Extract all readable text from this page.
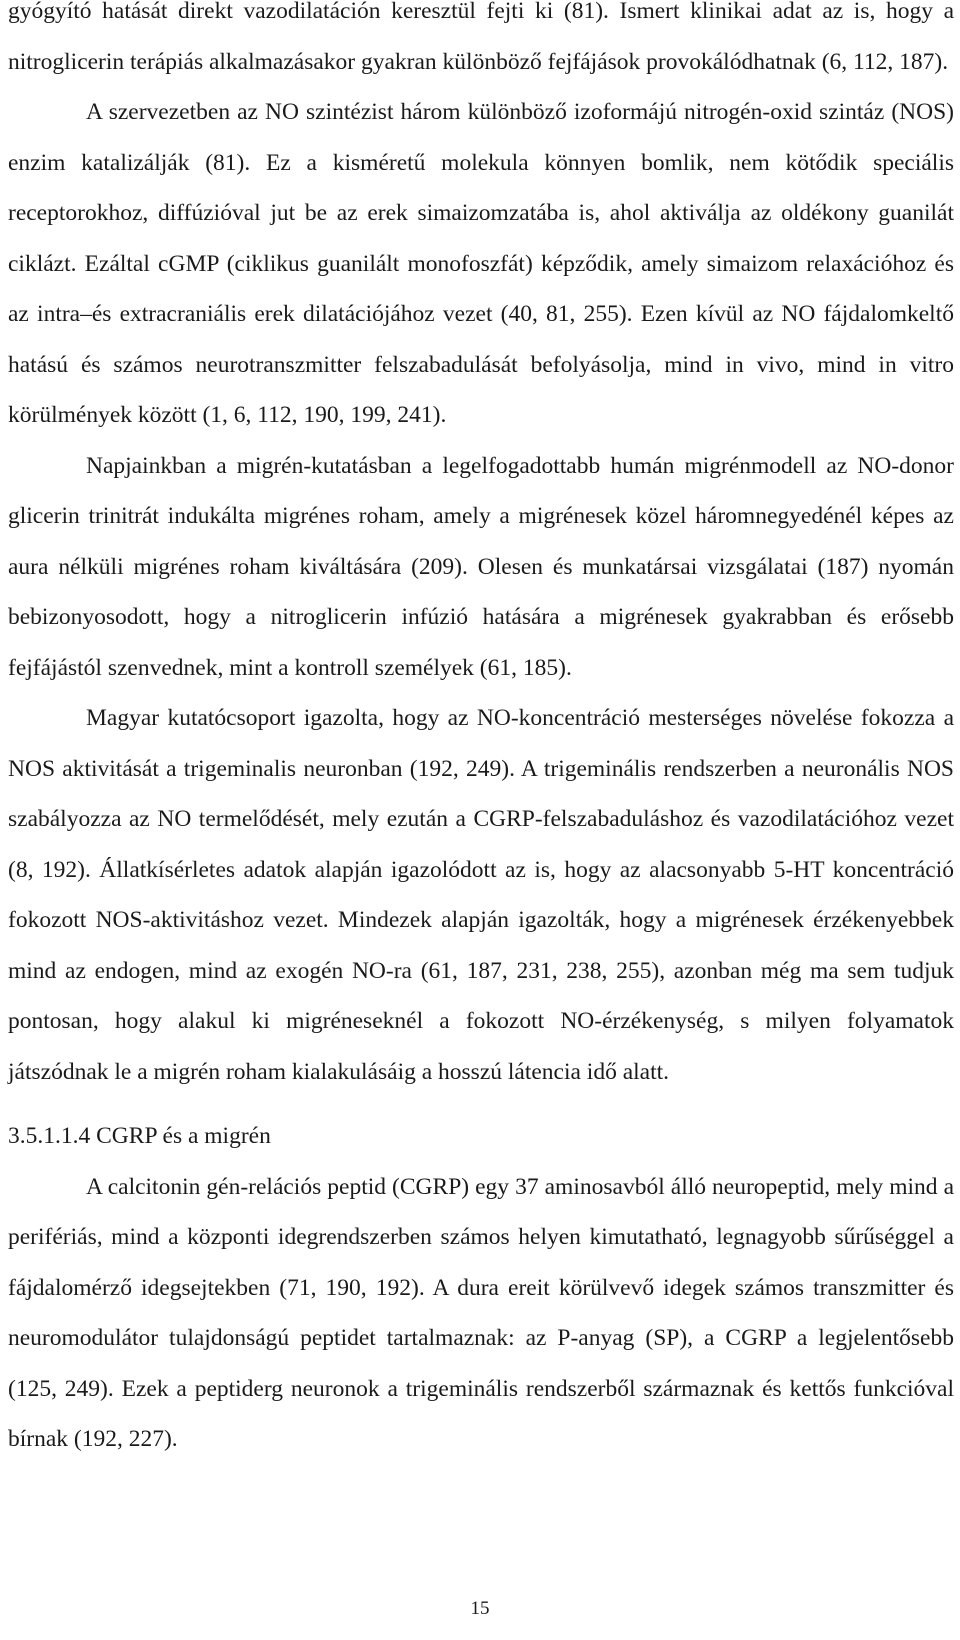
gyógyító hatását direkt vazodilatáción keresztül fejti ki (81). Ismert klinikai adat az is, hogy a nitroglicerin terápiás alkalmazásakor gyakran különböző fejfájások provokálódhatnak (6, 112, 187).

A szervezetben az NO szintézist három különböző izoformájú nitrogén-oxid szintáz (NOS) enzim katalizálják (81). Ez a kisméretű molekula könnyen bomlik, nem kötődik speciális receptorokhoz, diffúzióval jut be az erek simaizomzatába is, ahol aktiválja az oldékony guanilát ciklázt. Ezáltal cGMP (ciklikus guanilált monofoszfát) képződik, amely simaizom relaxációhoz és az intra–és extracraniális erek dilatációjához vezet (40, 81, 255). Ezen kívül az NO fájdalomkeltő hatású és számos neurotranszmitter felszabadulását befolyásolja, mind in vivo, mind in vitro körülmények között (1, 6, 112, 190, 199, 241).

Napjainkban a migrén-kutatásban a legelfogadottabb humán migrénmodell az NO-donor glicerin trinitrát indukálta migrénes roham, amely a migrénesek közel háromnegyedénél képes az aura nélküli migrénes roham kiváltására (209). Olesen és munkatársai vizsgálatai (187) nyomán bebizonyosodott, hogy a nitroglicerin infúzió hatására a migrénesek gyakrabban és erősebb fejfájástól szenvednek, mint a kontroll személyek (61, 185).

Magyar kutatócsoport igazolta, hogy az NO-koncentráció mesterséges növelése fokozza a NOS aktivitását a trigeminalis neuronban (192, 249). A trigeminális rendszerben a neuronális NOS szabályozza az NO termelődését, mely ezután a CGRP-felszabaduláshoz és vazodilatációhoz vezet (8, 192). Állatkísérletes adatok alapján igazolódott az is, hogy az alacsonyabb 5-HT koncentráció fokozott NOS-aktivitáshoz vezet. Mindezek alapján igazolták, hogy a migrénesek érzékenyebbek mind az endogen, mind az exogén NO-ra (61, 187, 231, 238, 255), azonban még ma sem tudjuk pontosan, hogy alakul ki migréneseknél a fokozott NO-érzékenység, s milyen folyamatok játszódnak le a migrén roham kialakulásáig a hosszú látencia idő alatt.

3.5.1.1.4 CGRP és a migrén

A calcitonin gén-relációs peptid (CGRP) egy 37 aminosavból álló neuropeptid, mely mind a perifériás, mind a központi idegrendszerben számos helyen kimutatható, legnagyobb sűrűséggel a fájdalomérző idegsejtekben (71, 190, 192). A dura ereit körülvevő idegek számos transzmitter és neuromodulátor tulajdonságú peptidet tartalmaznak: az P-anyag (SP), a CGRP a legjelentősebb (125, 249). Ezek a peptiderg neuronok a trigeminális rendszerből származnak és kettős funkcióval bírnak (192, 227).

15
